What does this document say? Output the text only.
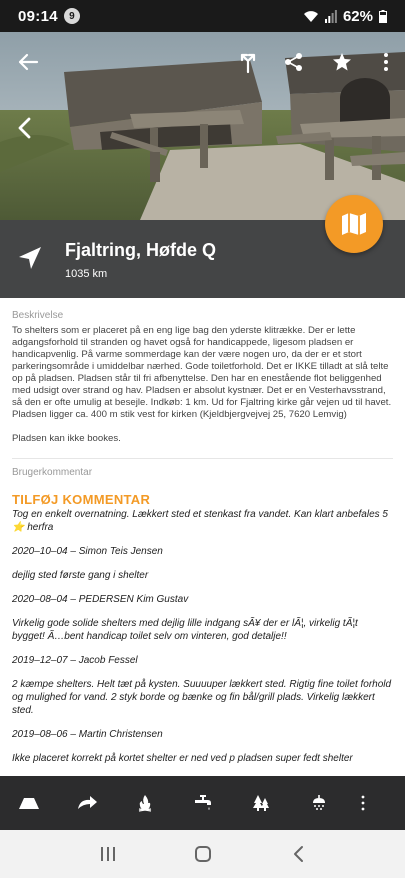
09:14	9	62%
Fjaltring, Høfde Q
1035 km
Beskrivelse
To shelters som er placeret på en eng lige bag den yderste klitrække. Der er lette adgangsforhold til stranden og havet også for handicappede, ligesom pladsen er handicapvenlig. På varme sommerdage kan der være nogen uro, da der er et stort parkeringsområde i umiddelbar nærhed. Gode toiletforhold. Det er IKKE tilladt at slå telte op på pladsen. Pladsen står til fri afbenyttelse. Den har en enestående flot beliggenhed med udsigt over strand og hav. Pladsen er absolut kystnær. Det er en Vesterhavsstrand, så den er ofte umulig at besejle. Indkøb: 1 km. Ud for Fjaltring kirke går vejen ud til havet. Pladsen ligger ca. 400 m stik vest for kirken (Kjeldbjergvejvej 25, 7620 Lemvig)
Pladsen kan ikke bookes.
Brugerkommentar
TILFØJ KOMMENTAR
Tog en enkelt overnatning. Lækkert sted et stenkast fra vandet. Kan klart anbefales 5 ⭐ herfra
2020–10–04 – Simon Teis Jensen
dejlig sted første gang i shelter
2020–08–04 – PEDERSEN Kim Gustav
Virkelig gode solide shelters med dejlig lille indgang sÃ¥ der er lÃ¦, virkelig tÃ¦t bygget! Ã…bent handicap toilet selv om vinteren, god detalje!!
2019–12–07 – Jacob Fessel
2 kæmpe shelters. Helt tæt på kysten. Suuuuper lækkert sted. Rigtig fine toilet forhold og mulighed for vand. 2 styk borde og bænke og fin bål/grill plads. Virkelig lækkert sted.
2019–08–06 – Martin Christensen
Ikke placeret korrekt på kortet shelter er ned ved p pladsen super fedt shelter
